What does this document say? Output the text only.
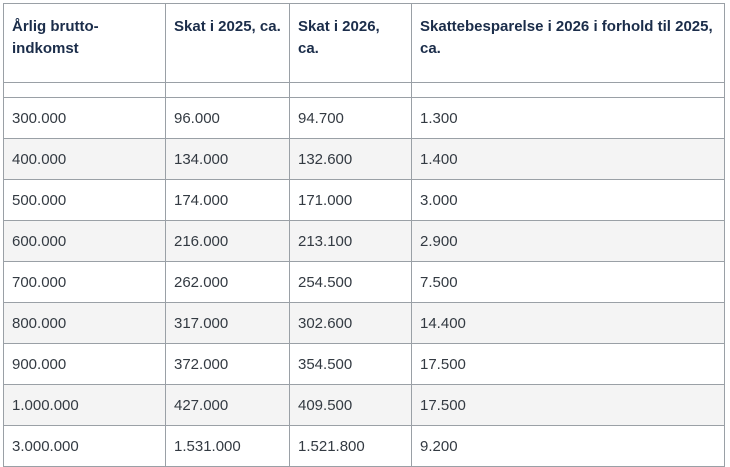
Årlig brutto-indkomst	Skat i 2025, ca.	Skat i 2026, ca.	Skattebesparelse i 2026 i forhold til 2025, ca.

300.000	96.000	94.700	1.300
400.000	134.000	132.600	1.400
500.000	174.000	171.000	3.000
600.000	216.000	213.100	2.900
700.000	262.000	254.500	7.500
800.000	317.000	302.600	14.400
900.000	372.000	354.500	17.500
1.000.000	427.000	409.500	17.500
3.000.000	1.531.000	1.521.800	9.200
